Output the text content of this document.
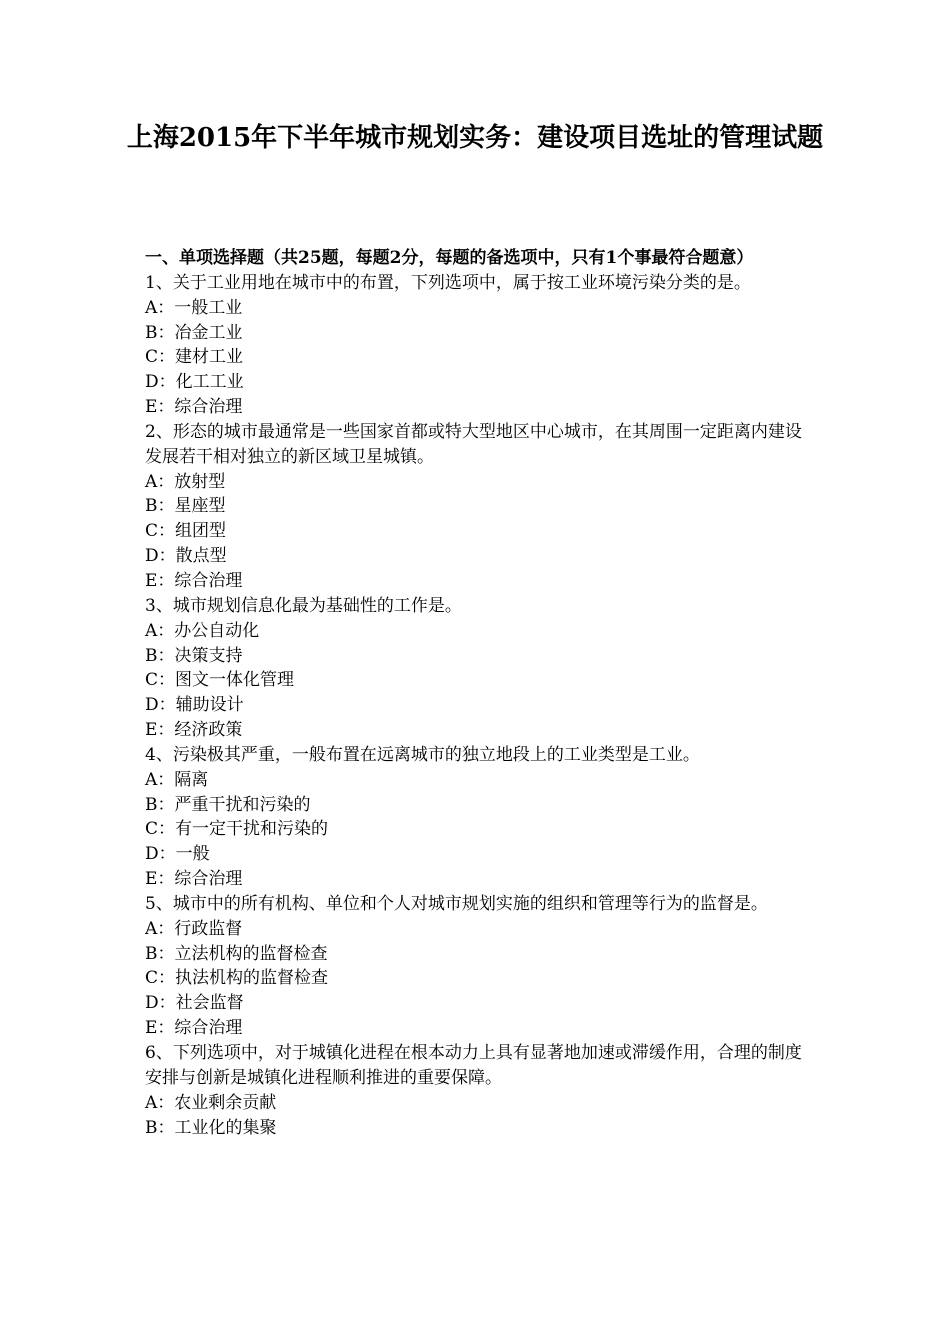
上海2015年下半年城市规划实务：建设项目选址的管理试题

一、单项选择题（共25题，每题2分，每题的备选项中，只有1个事最符合题意）

1、关于工业用地在城市中的布置，下列选项中，属于按工业环境污染分类的是。

A：一般工业

B：冶金工业

C：建材工业

D：化工工业

E：综合治理

2、形态的城市最通常是一些国家首都或特大型地区中心城市，在其周围一定距离内建设发展若干相对独立的新区域卫星城镇。

A：放射型

B：星座型

C：组团型

D：散点型

E：综合治理

3、城市规划信息化最为基础性的工作是。

A：办公自动化

B：决策支持

C：图文一体化管理

D：辅助设计

E：经济政策

4、污染极其严重，一般布置在远离城市的独立地段上的工业类型是工业。

A：隔离

B：严重干扰和污染的

C：有一定干扰和污染的

D：一般

E：综合治理

5、城市中的所有机构、单位和个人对城市规划实施的组织和管理等行为的监督是。

A：行政监督

B：立法机构的监督检查

C：执法机构的监督检查

D：社会监督

E：综合治理

6、下列选项中，对于城镇化进程在根本动力上具有显著地加速或滞缓作用，合理的制度安排与创新是城镇化进程顺利推进的重要保障。

A：农业剩余贡献

B：工业化的集聚
